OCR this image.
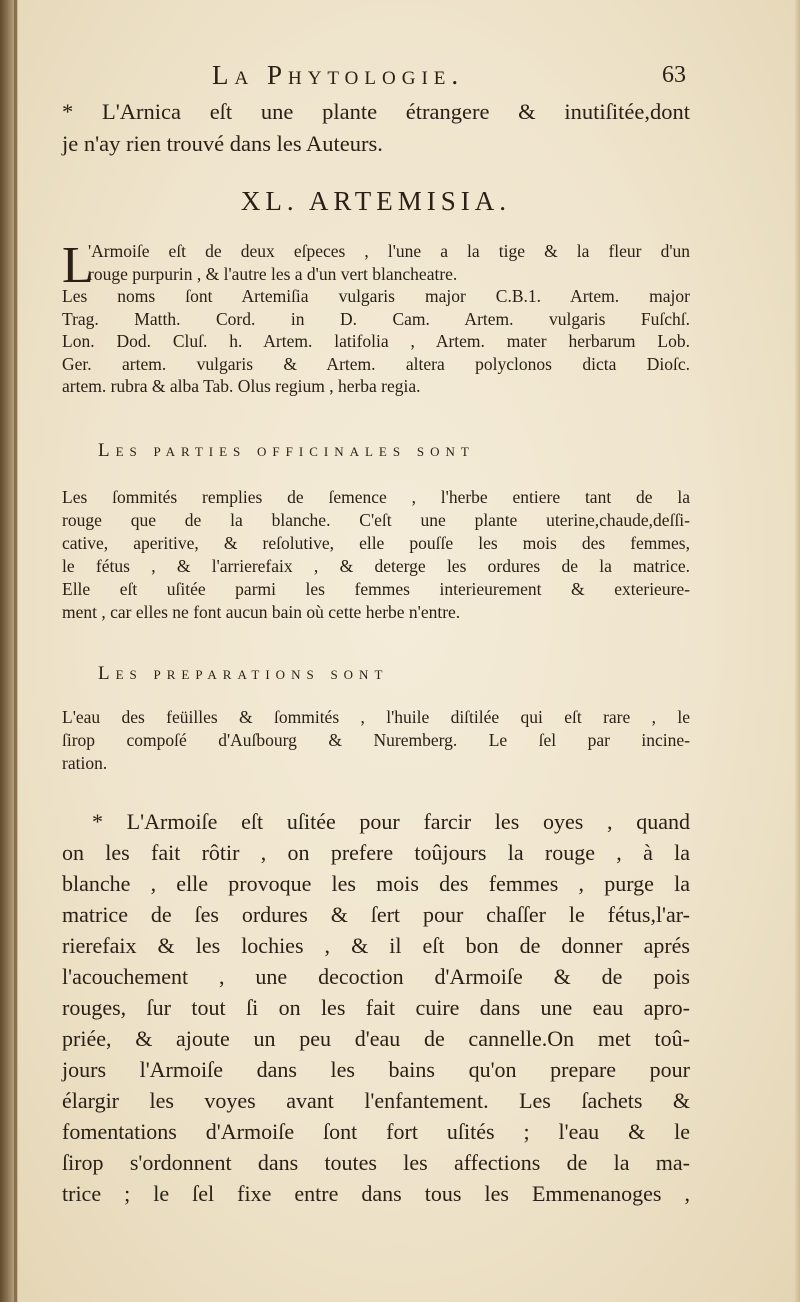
La Phytologie.	63
* L'Arnica eſt une plante étrangere & inutiſitée,dont
je n'ay rien trouvé dans les Auteurs.
XL. ARTEMISIA.
L
'Armoiſe eſt de deux eſpeces , l'une a la tige & la fleur d'un
rouge purpurin , & l'autre les a d'un vert blancheatre.
Les noms ſont Artemiſia vulgaris major C.B.1. Artem. major
Trag. Matth. Cord. in D. Cam. Artem. vulgaris Fuſchſ.
Lon. Dod. Cluſ. h. Artem. latifolia , Artem. mater herbarum Lob.
Ger. artem. vulgaris & Artem. altera polyclonos dicta Dioſc.
artem. rubra & alba Tab. Olus regium , herba regia.
Les parties officinales sont
Les ſommités remplies de ſemence , l'herbe entiere tant de la
rouge que de la blanche. C'eſt une plante uterine,chaude,deſſi-
cative, aperitive, & reſolutive, elle pouſſe les mois des femmes,
le fétus , & l'arrierefaix , & deterge les ordures de la matrice.
Elle eſt uſitée parmi les femmes interieurement & exterieure-
ment , car elles ne font aucun bain où cette herbe n'entre.
Les preparations sont
L'eau des feüilles & ſommités , l'huile diſtilée qui eſt rare , le
ſirop compoſé d'Auſbourg & Nuremberg. Le ſel par incine-
ration.
* L'Armoiſe eſt uſitée pour farcir les oyes , quand
on les fait rôtir , on prefere toûjours la rouge , à la
blanche , elle provoque les mois des femmes , purge la
matrice de ſes ordures & ſert pour chaſſer le fétus,l'ar-
rierefaix & les lochies , & il eſt bon de donner aprés
l'acouchement , une decoction d'Armoiſe & de pois
rouges, ſur tout ſi on les fait cuire dans une eau apro-
priée, & ajoute un peu d'eau de cannelle.On met toû-
jours l'Armoiſe dans les bains qu'on prepare pour
élargir les voyes avant l'enfantement. Les ſachets &
fomentations d'Armoiſe ſont fort uſités ; l'eau & le
ſirop s'ordonnent dans toutes les affections de la ma-
trice ; le ſel fixe entre dans tous les Emmenanoges ,
